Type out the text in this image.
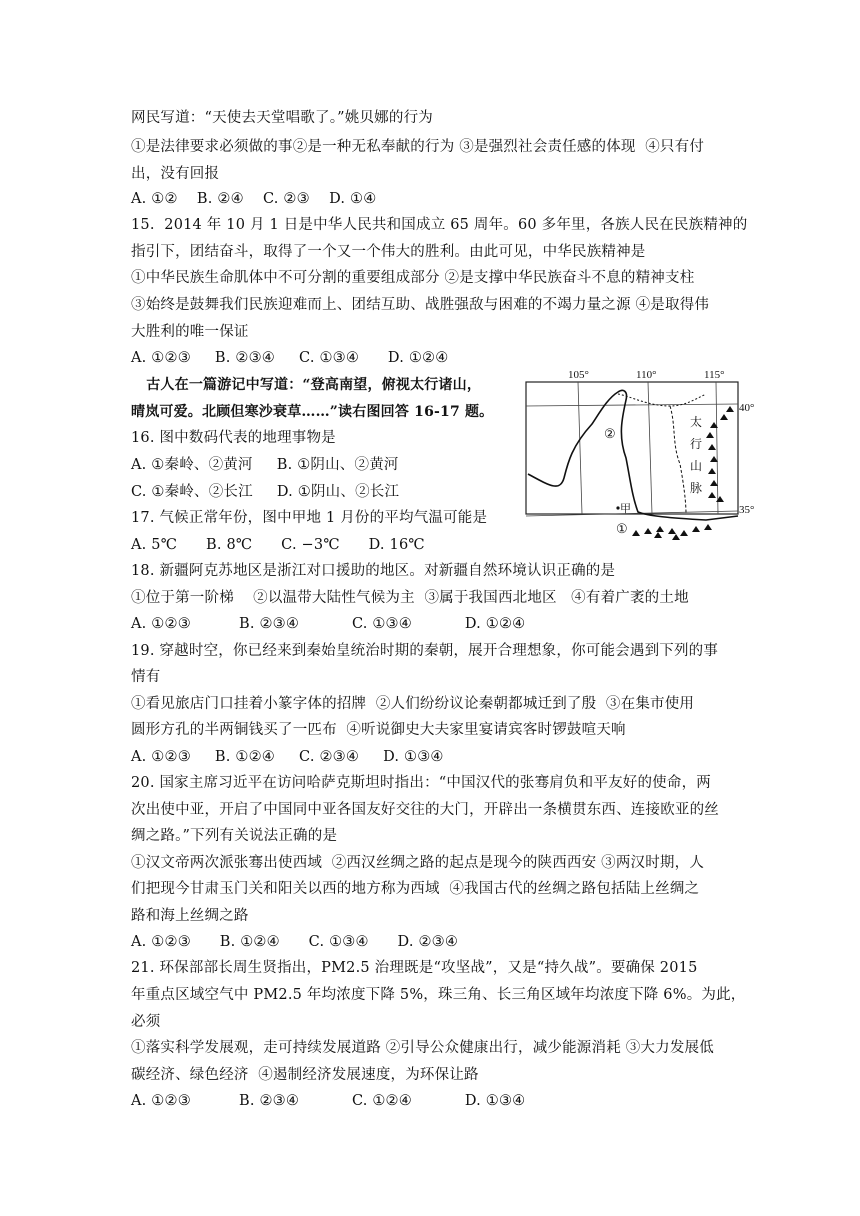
网民写道：“天使去天堂唱歌了。”姚贝娜的行为
①是法律要求必须做的事②是一种无私奉献的行为 ③是强烈社会责任感的体现  ④只有付
出，没有回报
A. ①②    B. ②④    C. ②③    D. ①④
15.  2014 年 10 月 1 日是中华人民共和国成立 65 周年。60 多年里，各族人民在民族精神的
指引下，团结奋斗，取得了一个又一个伟大的胜利。由此可见，中华民族精神是
①中华民族生命肌体中不可分割的重要组成部分 ②是支撑中华民族奋斗不息的精神支柱
③始终是鼓舞我们民族迎难而上、团结互助、战胜强敌与困难的不竭力量之源 ④是取得伟
大胜利的唯一保证
A. ①②③     B. ②③④     C. ①③④      D. ①②④
古人在一篇游记中写道：“登高南望，俯视太行诸山，
晴岚可爱。北顾但寒沙衰草……”读右图回答 16-17 题。
16. 图中数码代表的地理事物是
A. ①秦岭、②黄河     B. ①阴山、②黄河
C. ①秦岭、②长江     D. ①阴山、②长江
17. 气候正常年份，图中甲地 1 月份的平均气温可能是
A. 5℃      B. 8℃      C. −3℃      D. 16℃
18. 新疆阿克苏地区是浙江对口援助的地区。对新疆自然环境认识正确的是
①位于第一阶梯    ②以温带大陆性气候为主  ③属于我国西北地区   ④有着广袤的土地
A. ①②③          B. ②③④           C. ①③④           D. ①②④
19. 穿越时空，你已经来到秦始皇统治时期的秦朝，展开合理想象，你可能会遇到下列的事
情有
①看见旅店门口挂着小篆字体的招牌  ②人们纷纷议论秦朝都城迁到了殷  ③在集市使用
圆形方孔的半两铜钱买了一匹布  ④听说御史大夫家里宴请宾客时锣鼓喧天响
A. ①②③     B. ①②④     C. ②③④     D. ①③④
20. 国家主席习近平在访问哈萨克斯坦时指出：“中国汉代的张骞肩负和平友好的使命，两
次出使中亚，开启了中国同中亚各国友好交往的大门，开辟出一条横贯东西、连接欧亚的丝
绸之路。”下列有关说法正确的是
①汉文帝两次派张骞出使西域  ②西汉丝绸之路的起点是现今的陕西西安 ③两汉时期，人
们把现今甘肃玉门关和阳关以西的地方称为西域  ④我国古代的丝绸之路包括陆上丝绸之
路和海上丝绸之路
A. ①②③      B. ①②④      C. ①③④      D. ②③④
21. 环保部部长周生贤指出，PM2.5 治理既是“攻坚战”，又是“持久战”。要确保 2015
年重点区域空气中 PM2.5 年均浓度下降 5%，珠三角、长三角区域年均浓度下降 6%。为此，
必须
①落实科学发展观，走可持续发展道路 ②引导公众健康出行，减少能源消耗 ③大力发展低
碳经济、绿色经济  ④遏制经济发展速度，为环保让路
A. ①②③          B. ②③④           C. ①②④           D. ①③④
105°	110°	115°
40°
35°
②
①
甲
太
行
山
脉
